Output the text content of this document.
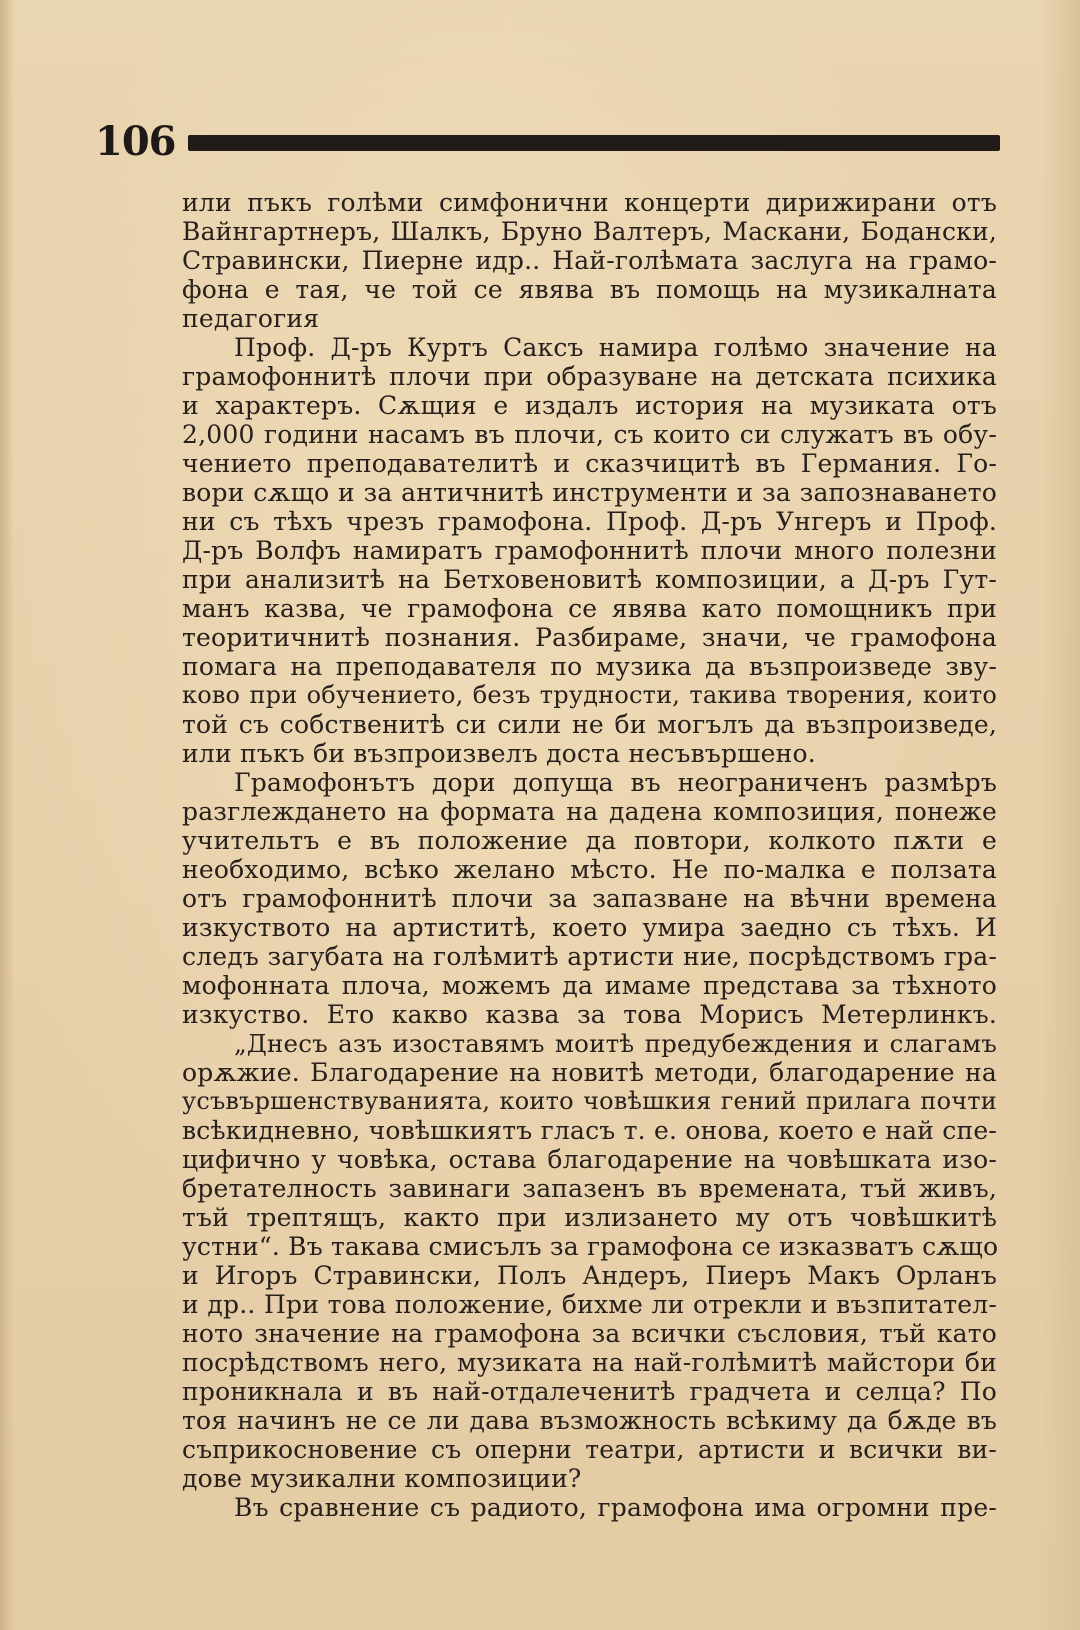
106
или пъкъ голѣми симфонични концерти дирижирани отъ
Вайнгартнеръ, Шалкъ, Бруно Валтеръ, Маскани, Бодански,
Стравински, Пиерне идр.. Най-голѣмата заслуга на грамо-
фона е тая, че той се явява въ помощь на музикалната
педагогия
Проф. Д-ръ Куртъ Саксъ намира голѣмо значение на
грамофоннитѣ плочи при образуване на детската психика
и характеръ. Сѫщия е издалъ история на музиката отъ
2,000 години насамъ въ плочи, съ които си служатъ въ обу-
чението преподавателитѣ и сказчицитѣ въ Германия. Го-
вори сѫщо и за античнитѣ инструменти и за запознаването
ни съ тѣхъ чрезъ грамофона. Проф. Д-ръ Унгеръ и Проф.
Д-ръ Волфъ намиратъ грамофоннитѣ плочи много полезни
при анализитѣ на Бетховеновитѣ композиции, а Д-ръ Гут-
манъ казва, че грамофона се явява като помощникъ при
теоритичнитѣ познания. Разбираме, значи, че грамофона
помага на преподавателя по музика да възпроизведе зву-
ково при обучението, безъ трудности, такива творения, които
той съ собственитѣ си сили не би могълъ да възпроизведе,
или пъкъ би възпроизвелъ доста несъвършено.
Грамофонътъ дори допуща въ неограниченъ размѣръ
разглеждането на формата на дадена композиция, понеже
учительтъ е въ положение да повтори, колкото пѫти е
необходимо, всѣко желано мѣсто. Не по-малка е ползата
отъ грамофоннитѣ плочи за запазване на вѣчни времена
изкуството на артиститѣ, което умира заедно съ тѣхъ. И
следъ загубата на голѣмитѣ артисти ние, посрѣдствомъ гра-
мофонната плоча, можемъ да имаме представа за тѣхното
изкуство. Ето какво казва за това Морисъ Метерлинкъ.
„Днесъ азъ изоставямъ моитѣ предубеждения и слагамъ
орѫжие. Благодарение на новитѣ методи, благодарение на
усъвършенствуванията, които човѣшкия гений прилага почти
всѣкидневно, човѣшкиятъ гласъ т. е. онова, което е най спе-
цифично у човѣка, остава благодарение на човѣшката изо-
бретателность завинаги запазенъ въ времената, тъй живъ,
тъй трептящъ, както при излизането му отъ човѣшкитѣ
устни“. Въ такава смисълъ за грамофона се изказватъ сѫщо
и Игоръ Стравински, Полъ Андеръ, Пиеръ Макъ Орланъ
и др.. При това положение, бихме ли отрекли и възпитател-
ното значение на грамофона за всички съсловия, тъй като
посрѣдствомъ него, музиката на най-голѣмитѣ майстори би
проникнала и въ най-отдалеченитѣ градчета и селца? По
тоя начинъ не се ли дава възможность всѣкиму да бѫде въ
съприкосновение съ оперни театри, артисти и всички ви-
дове музикални композиции?
Въ сравнение съ радиото, грамофона има огромни пре-
